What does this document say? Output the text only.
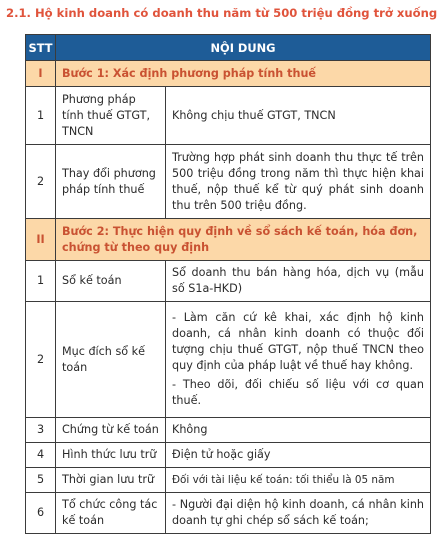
2.1. Hộ kinh doanh có doanh thu năm từ 500 triệu đồng trở xuống
STT	NỘI DUNG	
I	Bước 1: Xác định phương pháp tính thuế	
1	Phương pháp tính thuế GTGT, TNCN	Không chịu thuế GTGT, TNCN

2	Thay đổi phương pháp tính thuế	Trường hợp phát sinh doanh thu thực tế trên 500 triệu đồng trong năm thì thực hiện khai thuế, nộp thuế kể từ quý phát sinh doanh thu trên 500 triệu đồng.

II	Bước 2: Thực hiện quy định về sổ sách kế toán, hóa đơn, chứng từ theo quy định	
1	Sổ kế toán	Sổ doanh thu bán hàng hóa, dịch vụ (mẫu số S1a-HKD)

2	Mục đích sổ kế toán	- Làm căn cứ kê khai, xác định hộ kinh doanh, cá nhân kinh doanh có thuộc đối tượng chịu thuế GTGT, nộp thuế TNCN theo quy định của pháp luật về thuế hay không.
- Theo dõi, đối chiếu số liệu với cơ quan thuế.

3	Chứng từ kế toán	Không

4	Hình thức lưu trữ	Điện tử hoặc giấy

5	Thời gian lưu trữ	Đối với tài liệu kế toán: tối thiểu là 05 năm

6	Tổ chức công tác kế toán	- Người đại diện hộ kinh doanh, cá nhân kinh doanh tự ghi chép sổ sách kế toán;
